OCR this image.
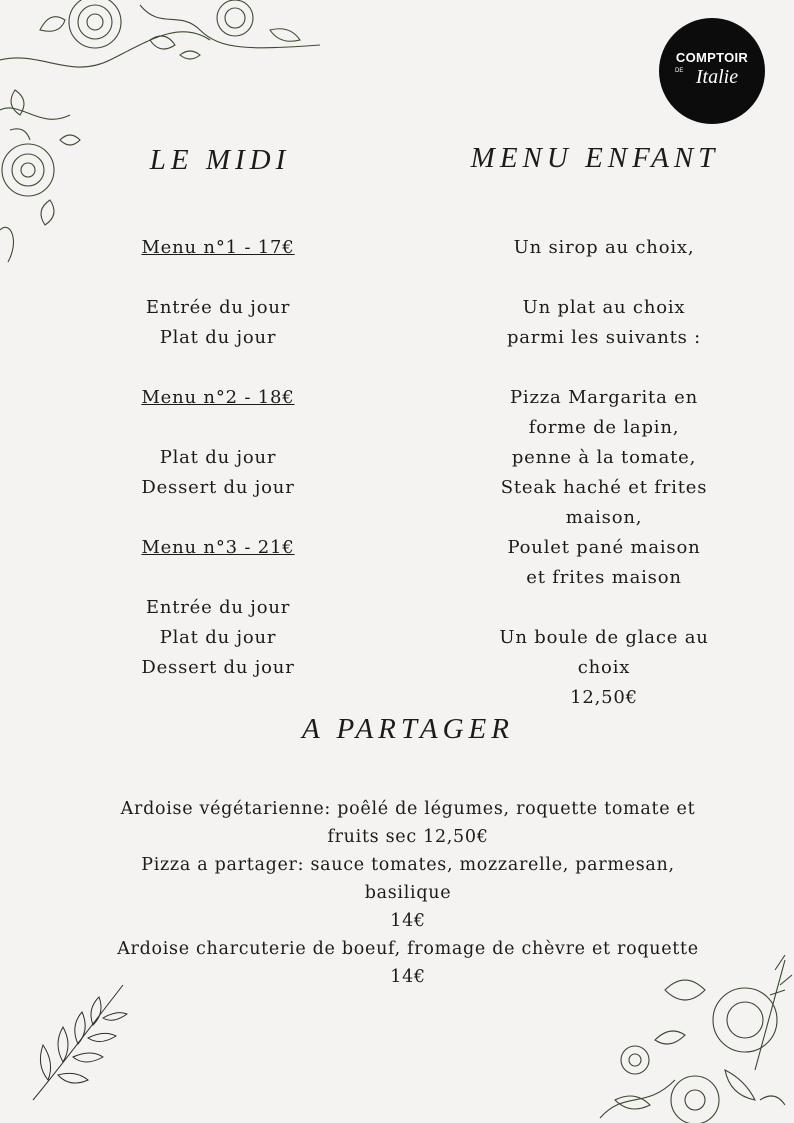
COMPTOIR
DE Italie
LE MIDI	MENU ENFANT
A PARTAGER
Menu n°1 - 17€
Entrée du jour
Plat du jour
Menu n°2 - 18€
Plat du jour
Dessert du jour
Menu n°3 - 21€
Entrée du jour
Plat du jour
Dessert du jour
Un sirop au choix,
Un plat au choix
parmi les suivants :
Pizza Margarita en
forme de lapin,
penne à la tomate,
Steak haché et frites
maison,
Poulet pané maison
et frites maison
Un boule de glace au
choix
12,50€
Ardoise végétarienne: poêlé de légumes, roquette tomate et
fruits sec 12,50€
Pizza a partager: sauce tomates, mozzarelle, parmesan,
basilique
14€
Ardoise charcuterie de boeuf, fromage de chèvre et roquette
14€
